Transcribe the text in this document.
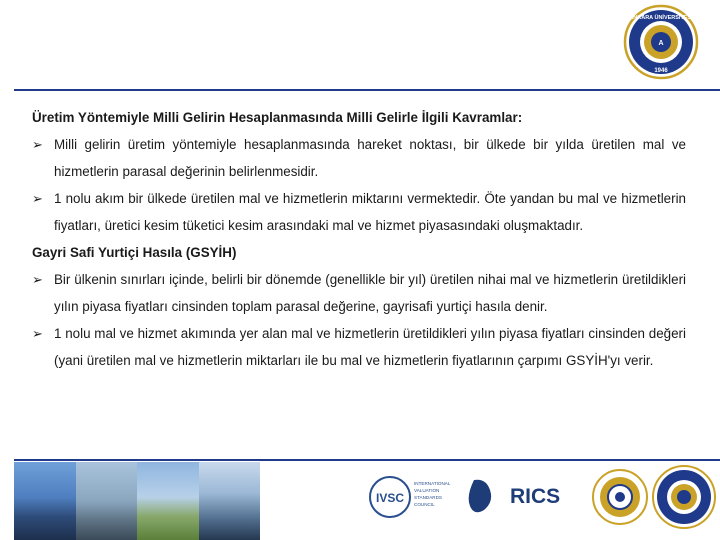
A
ANKARA ÜNİVERSİTESİ
1946

Üretim Yöntemiyle Milli Gelirin Hesaplanmasında Milli Gelirle İlgili Kavramlar:

➢ Milli gelirin üretim yöntemiyle hesaplanmasında hareket noktası, bir ülkede bir yılda üretilen mal ve hizmetlerin parasal değerinin belirlenmesidir.

➢ 1 nolu akım bir ülkede üretilen mal ve hizmetlerin miktarını vermektedir. Öte yandan bu mal ve hizmetlerin fiyatları, üretici kesim tüketici kesim arasındaki mal ve hizmet piyasasındaki oluşmaktadır.

Gayri Safi Yurtiçi Hasıla (GSYİH)

➢ Bir ülkenin sınırları içinde, belirli bir dönemde (genellikle bir yıl) üretilen nihai mal ve hizmetlerin üretildikleri yılın piyasa fiyatları cinsinden toplam parasal değerine, gayrisafi yurtiçi hasıla denir.

➢ 1 nolu mal ve hizmet akımında yer alan mal ve hizmetlerin üretildikleri yılın piyasa fiyatları cinsinden değeri (yani üretilen mal ve hizmetlerin miktarları ile bu mal ve hizmetlerin fiyatlarının çarpımı GSYİH'yı verir.

IVSC
INTERNATIONAL
VALUATION
STANDARDS
COUNCIL	RICS
